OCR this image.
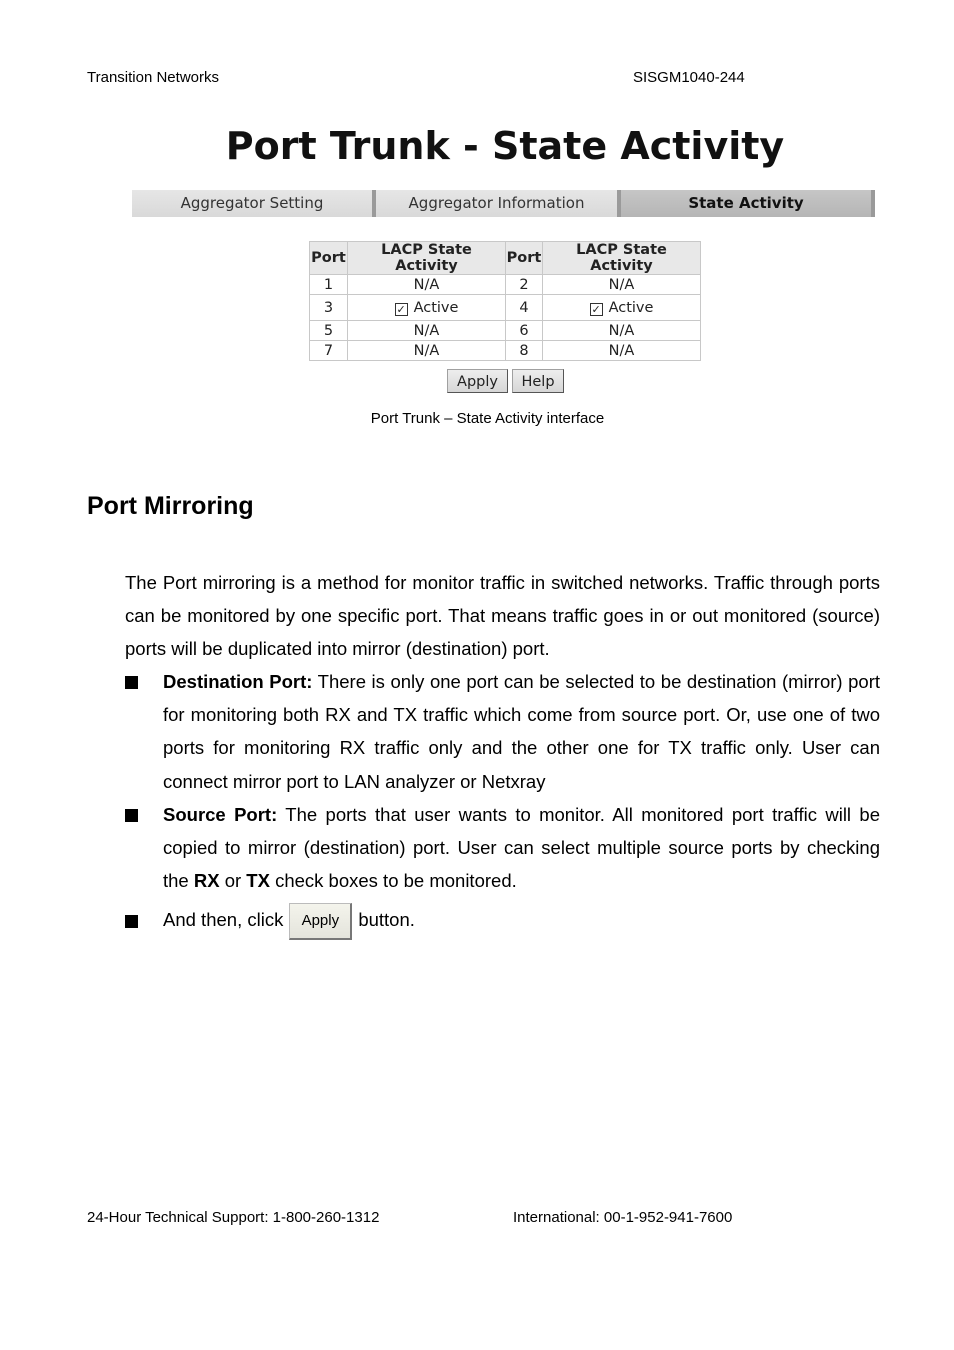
Transition Networks	SISGM1040-244
Port Trunk - State Activity
Aggregator Setting	Aggregator Information	State Activity
Port	LACP State Activity	Port	LACP State Activity
1	N/A	2	N/A
3	✓ Active	4	✓ Active
5	N/A	6	N/A
7	N/A	8	N/A
Apply	Help
Port Trunk – State Activity interface
Port Mirroring
The Port mirroring is a method for monitor traffic in switched networks. Traffic through ports can be monitored by one specific port. That means traffic goes in or out monitored (source) ports will be duplicated into mirror (destination) port.
Destination Port: There is only one port can be selected to be destination (mirror) port for monitoring both RX and TX traffic which come from source port. Or, use one of two ports for monitoring RX traffic only and the other one for TX traffic only. User can connect mirror port to LAN analyzer or Netxray
Source Port: The ports that user wants to monitor. All monitored port traffic will be copied to mirror (destination) port. User can select multiple source ports by checking the RX or TX check boxes to be monitored.
And then, click Apply button.
24-Hour Technical Support: 1-800-260-1312	International: 00-1-952-941-7600
